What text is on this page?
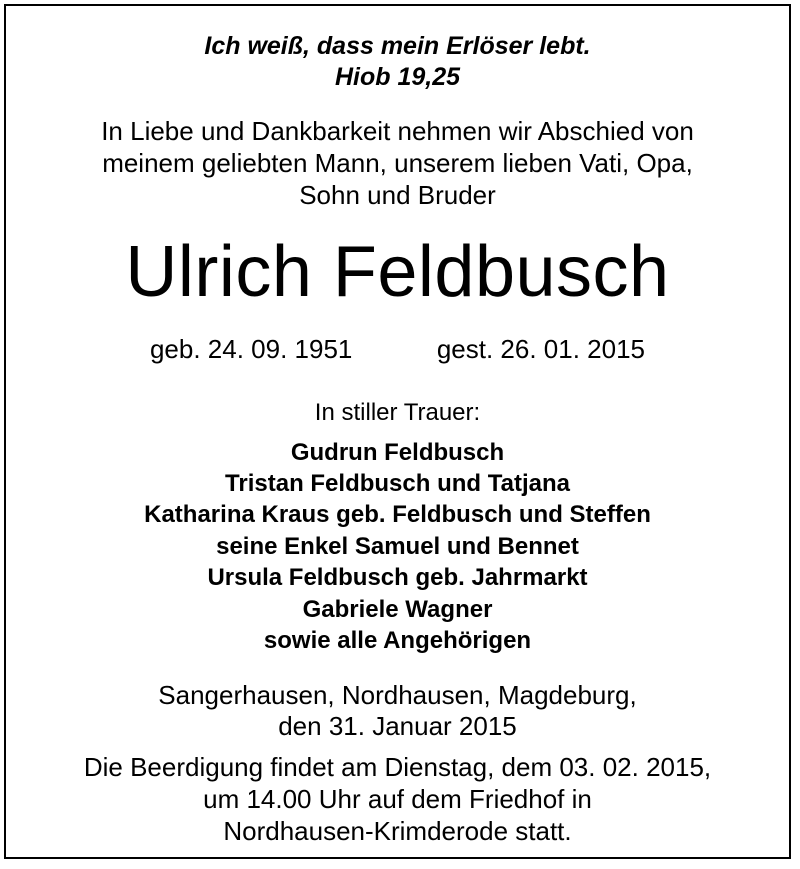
Ich weiß, dass mein Erlöser lebt.
Hiob 19,25
In Liebe und Dankbarkeit nehmen wir Abschied von
meinem geliebten Mann, unserem lieben Vati, Opa,
Sohn und Bruder
Ulrich Feldbusch
geb. 24. 09. 1951	gest. 26. 01. 2015
In stiller Trauer:
Gudrun Feldbusch
Tristan Feldbusch und Tatjana
Katharina Kraus geb. Feldbusch und Steffen
seine Enkel Samuel und Bennet
Ursula Feldbusch geb. Jahrmarkt
Gabriele Wagner
sowie alle Angehörigen
Sangerhausen, Nordhausen, Magdeburg,
den 31. Januar 2015
Die Beerdigung findet am Dienstag, dem 03. 02. 2015,
um 14.00 Uhr auf dem Friedhof in
Nordhausen-Krimderode statt.
